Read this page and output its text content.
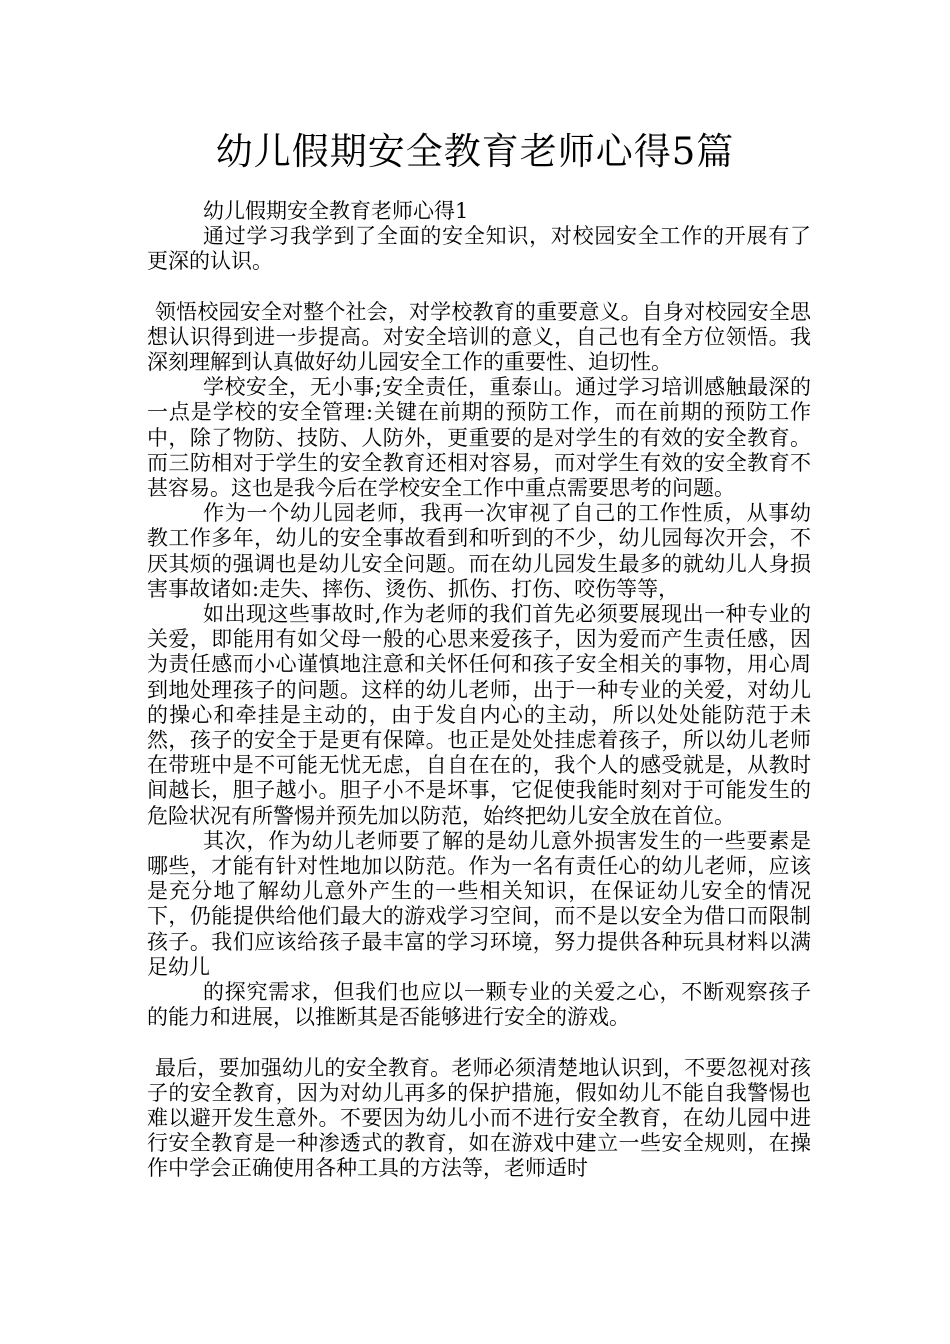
幼儿假期安全教育老师心得5篇

幼儿假期安全教育老师心得1

通过学习我学到了全面的安全知识，对校园安全工作的开展有了更深的认识。

领悟校园安全对整个社会，对学校教育的重要意义。自身对校园安全思想认识得到进一步提高。对安全培训的意义，自己也有全方位领悟。我深刻理解到认真做好幼儿园安全工作的重要性、迫切性。

学校安全，无小事;安全责任，重泰山。通过学习培训感触最深的一点是学校的安全管理:关键在前期的预防工作，而在前期的预防工作中，除了物防、技防、人防外，更重要的是对学生的有效的安全教育。而三防相对于学生的安全教育还相对容易，而对学生有效的安全教育不甚容易。这也是我今后在学校安全工作中重点需要思考的问题。

作为一个幼儿园老师，我再一次审视了自己的工作性质，从事幼教工作多年，幼儿的安全事故看到和听到的不少，幼儿园每次开会，不厌其烦的强调也是幼儿安全问题。而在幼儿园发生最多的就幼儿人身损害事故诸如:走失、摔伤、烫伤、抓伤、打伤、咬伤等等，

如出现这些事故时,作为老师的我们首先必须要展现出一种专业的关爱，即能用有如父母一般的心思来爱孩子，因为爱而产生责任感，因为责任感而小心谨慎地注意和关怀任何和孩子安全相关的事物，用心周到地处理孩子的问题。这样的幼儿老师，出于一种专业的关爱，对幼儿的操心和牵挂是主动的，由于发自内心的主动，所以处处能防范于未然，孩子的安全于是更有保障。也正是处处挂虑着孩子，所以幼儿老师在带班中是不可能无忧无虑，自自在在的，我个人的感受就是，从教时间越长，胆子越小。胆子小不是坏事，它促使我能时刻对于可能发生的危险状况有所警惕并预先加以防范，始终把幼儿安全放在首位。

其次，作为幼儿老师要了解的是幼儿意外损害发生的一些要素是哪些，才能有针对性地加以防范。作为一名有责任心的幼儿老师，应该是充分地了解幼儿意外产生的一些相关知识，在保证幼儿安全的情况下，仍能提供给他们最大的游戏学习空间，而不是以安全为借口而限制孩子。我们应该给孩子最丰富的学习环境，努力提供各种玩具材料以满足幼儿

的探究需求，但我们也应以一颗专业的关爱之心，不断观察孩子的能力和进展，以推断其是否能够进行安全的游戏。

最后，要加强幼儿的安全教育。老师必须清楚地认识到，不要忽视对孩子的安全教育，因为对幼儿再多的保护措施，假如幼儿不能自我警惕也难以避开发生意外。不要因为幼儿小而不进行安全教育，在幼儿园中进行安全教育是一种渗透式的教育，如在游戏中建立一些安全规则，在操作中学会正确使用各种工具的方法等，老师适时
